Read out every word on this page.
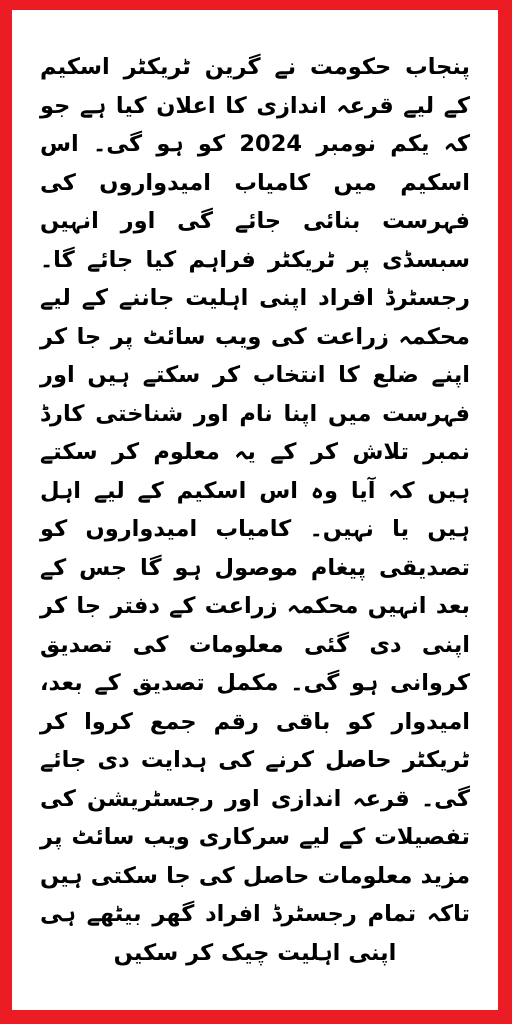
پنجاب حکومت نے گرین ٹریکٹر اسکیم کے لیے قرعہ اندازی کا اعلان کیا ہے جو کہ یکم نومبر 2024 کو ہو گی۔ اس اسکیم میں کامیاب امیدواروں کی فہرست بنائی جائے گی اور انہیں سبسڈی پر ٹریکٹر فراہم کیا جائے گا۔ رجسٹرڈ افراد اپنی اہلیت جاننے کے لیے محکمہ زراعت کی ویب سائٹ پر جا کر اپنے ضلع کا انتخاب کر سکتے ہیں اور فہرست میں اپنا نام اور شناختی کارڈ نمبر تلاش کر کے یہ معلوم کر سکتے ہیں کہ آیا وہ اس اسکیم کے لیے اہل ہیں یا نہیں۔ کامیاب امیدواروں کو تصدیقی پیغام موصول ہو گا جس کے بعد انہیں محکمہ زراعت کے دفتر جا کر اپنی دی گئی معلومات کی تصدیق کروانی ہو گی۔ مکمل تصدیق کے بعد، امیدوار کو باقی رقم جمع کروا کر ٹریکٹر حاصل کرنے کی ہدایت دی جائے گی۔ قرعہ اندازی اور رجسٹریشن کی تفصیلات کے لیے سرکاری ویب سائٹ پر مزید معلومات حاصل کی جا سکتی ہیں تاکہ تمام رجسٹرڈ افراد گھر بیٹھے ہی اپنی اہلیت چیک کر سکیں
